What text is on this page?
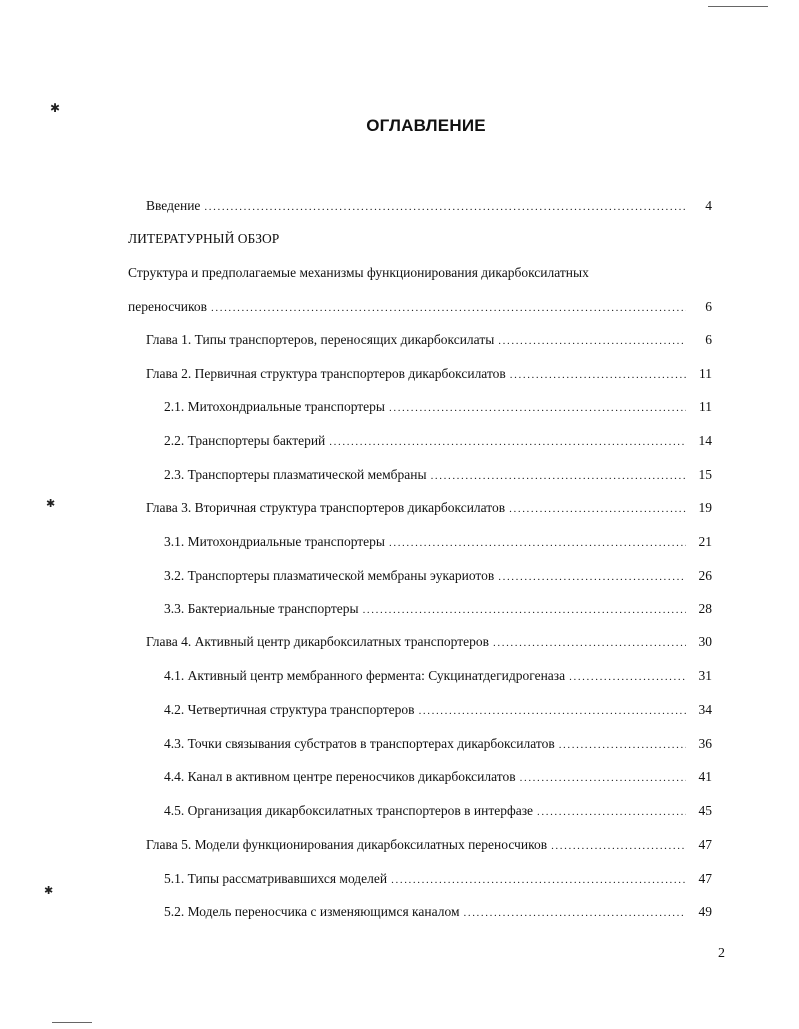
✱
✱
✱
ОГЛАВЛЕНИЕ
Введение .....	4
ЛИТЕРАТУРНЫЙ ОБЗОР
Структура и предполагаемые механизмы функционирования дикарбоксилатных
переносчиков .....	6
Глава 1. Типы транспортеров, переносящих дикарбоксилаты .....	6
Глава 2. Первичная структура транспортеров дикарбоксилатов .....	11
2.1. Митохондриальные транспортеры .....	11
2.2. Транспортеры бактерий .....	14
2.3. Транспортеры плазматической мембраны .....	15
Глава 3. Вторичная структура транспортеров дикарбоксилатов .....	19
3.1. Митохондриальные транспортеры .....	21
3.2. Транспортеры плазматической мембраны эукариотов .....	26
3.3. Бактериальные транспортеры .....	28
Глава 4. Активный центр дикарбоксилатных транспортеров .....	30
4.1. Активный центр мембранного фермента: Сукцинатдегидрогеназа .....	31
4.2. Четвертичная структура транспортеров .....	34
4.3. Точки связывания субстратов в транспортерах дикарбоксилатов .....	36
4.4. Канал в активном центре переносчиков дикарбоксилатов .....	41
4.5. Организация дикарбоксилатных транспортеров в интерфазе .....	45
Глава 5. Модели функционирования дикарбоксилатных переносчиков .....	47
5.1. Типы рассматривавшихся моделей .....	47
5.2. Модель переносчика с изменяющимся каналом .....	49
2
